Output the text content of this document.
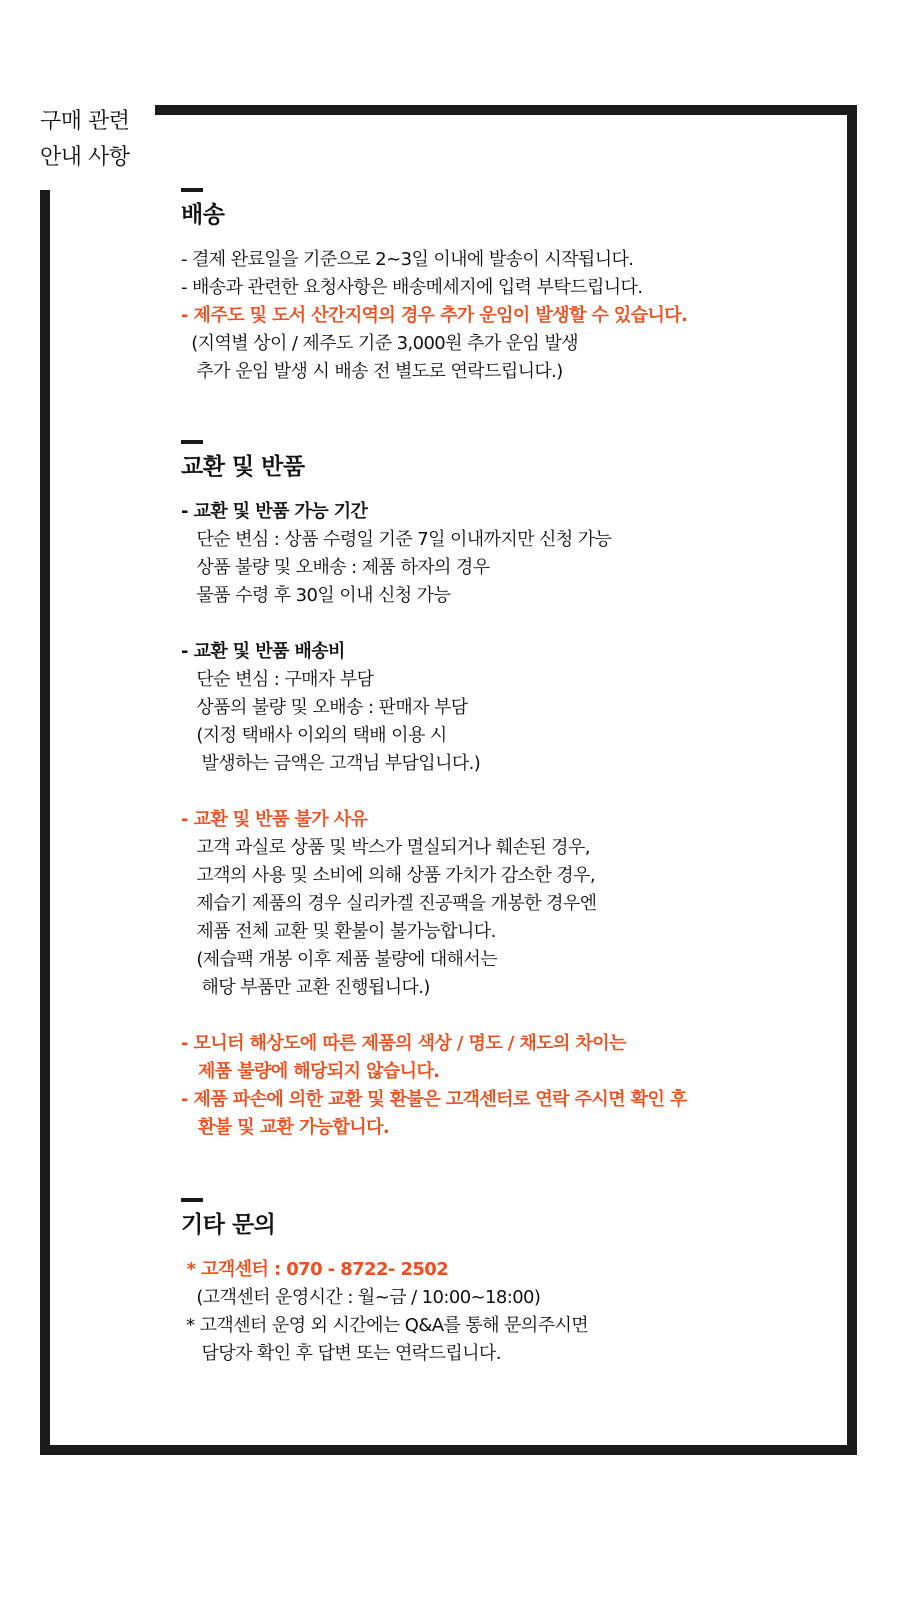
구매 관련
안내 사항
배송
- 결제 완료일을 기준으로 2~3일 이내에 발송이 시작됩니다.
- 배송과 관련한 요청사항은 배송메세지에 입력 부탁드립니다.
- 제주도 및 도서 산간지역의 경우 추가 운임이 발생할 수 있습니다.
(지역별 상이 / 제주도 기준 3,000원 추가 운임 발생
추가 운임 발생 시 배송 전 별도로 연락드립니다.)
교환 및 반품
- 교환 및 반품 가능 기간
단순 변심 : 상품 수령일 기준 7일 이내까지만 신청 가능
상품 불량 및 오배송 : 제품 하자의 경우
물품 수령 후 30일 이내 신청 가능
- 교환 및 반품 배송비
단순 변심 : 구매자 부담
상품의 불량 및 오배송 : 판매자 부담
(지정 택배사 이외의 택배 이용 시
발생하는 금액은 고객님 부담입니다.)
- 교환 및 반품 불가 사유
고객 과실로 상품 및 박스가 멸실되거나 훼손된 경우,
고객의 사용 및 소비에 의해 상품 가치가 감소한 경우,
제습기 제품의 경우 실리카겔 진공팩을 개봉한 경우엔
제품 전체 교환 및 환불이 불가능합니다.
(제습팩 개봉 이후 제품 불량에 대해서는
해당 부품만 교환 진행됩니다.)
- 모니터 해상도에 따른 제품의 색상 / 명도 / 채도의 차이는
제품 불량에 해당되지 않습니다.
- 제품 파손에 의한 교환 및 환불은 고객센터로 연락 주시면 확인 후
환불 및 교환 가능합니다.
기타 문의
* 고객센터 : 070 - 8722- 2502
(고객센터 운영시간 : 월~금 / 10:00~18:00)
* 고객센터 운영 외 시간에는 Q&A를 통해 문의주시면
담당자 확인 후 답변 또는 연락드립니다.
